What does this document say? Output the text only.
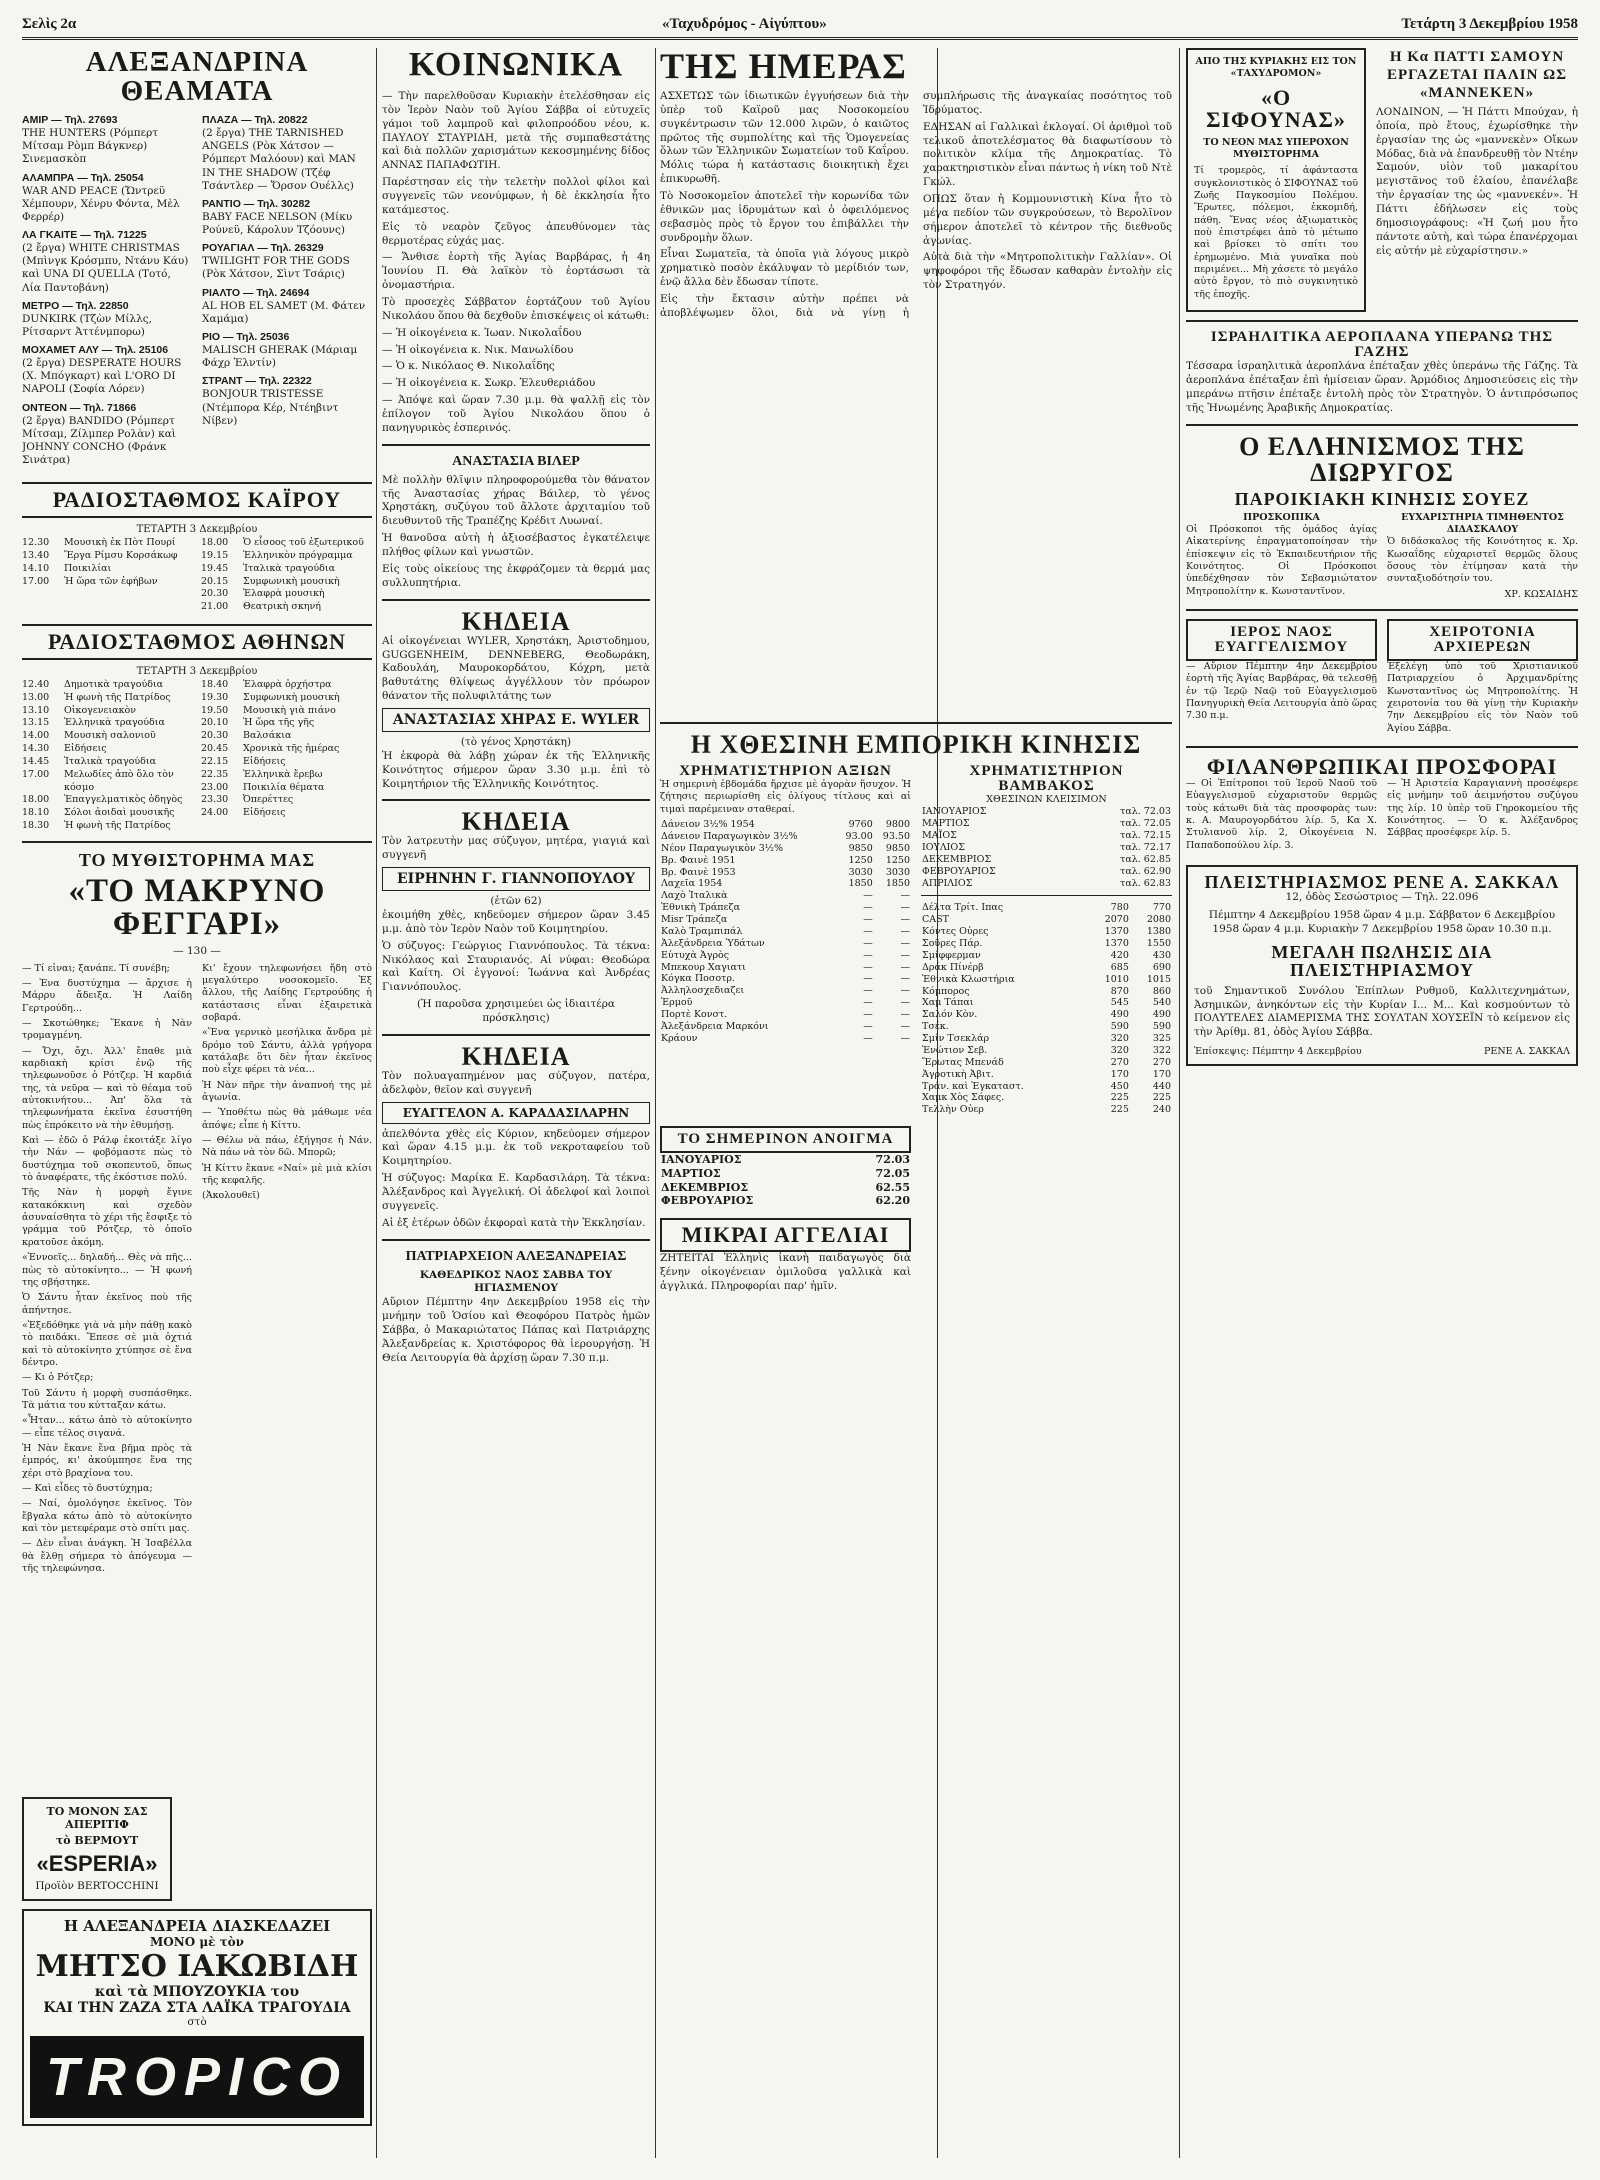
Σελὶς 2α	«Ταχυδρόμος - Αἰγύπτου»	Τετάρτη 3 Δεκεμβρίου 1958
ΑΛΕΞΑΝΔΡΙΝΑ ΘΕΑΜΑΤΑ
ΑΜΙΡ — Τηλ. 27693
THE HUNTERS (Ρόμπερτ Μίτσαμ Ρὸμπ Βάγκνερ) Σινεμασκὸπ
ΑΛΑΜΠΡΑ — Τηλ. 25054
WAR AND PEACE (Ὤντρεϋ Χέμπουρν, Χένρυ Φόντα, Μὲλ Φερρέρ)
ΛΑ ΓΚΑΙΤΕ — Τηλ. 71225
(2 ἔργα) WHITE CHRISTMAS (Μπὶνγκ Κρόσμπυ, Ντάνυ Κάυ) καὶ UNA DI QUELLA (Τοτό, Λία Παντοβάνη)
ΜΕΤΡΟ — Τηλ. 22850
DUNKIRK (Τζὼν Μίλλς, Ρίτσαρντ Ἀττένμπορω)
ΜΟΧΑΜΕΤ ΑΛΥ — Τηλ. 25106
(2 ἔργα) DESPERATE HOURS (Χ. Μπόγκαρτ) καὶ L'ORO DI NAPOLI (Σοφία Λόρεν)
ΟΝΤΕΟΝ — Τηλ. 71866
(2 ἔργα) BANDIDO (Ρόμπερτ Μίτσαμ, Ζίλμπερ Ρολὰν) καὶ JOHNNY CONCHO (Φράνκ Σινάτρα)
ΠΛΑΖΑ — Τηλ. 20822
(2 ἔργα) THE TARNISHED ANGELS (Ρὸκ Χάτσον — Ρόμπερτ Μαλόουν) καὶ MAN IN THE SHADOW (Τζέφ Τσάντλερ — Ὄρσον Ουέλλς)
ΡΑΝΤΙΟ — Τηλ. 30282
BABY FACE NELSON (Μίκυ Ρούνεϋ, Κάρολυν Τζόουνς)
ΡΟΥΑΓΙΑΛ — Τηλ. 26329
TWILIGHT FOR THE GODS (Ρὸκ Χάτσον, Σὶντ Τσάρις)
ΡΙΑΛΤΟ — Τηλ. 24694
AL HOB EL SAMET (Μ. Φάτεν Χαμάμα)
ΡΙΟ — Τηλ. 25036
MALISCH GHERAK (Μάριαμ Φάχρ Ἐλντίν)
ΣΤΡΑΝΤ — Τηλ. 22322
BONJOUR TRISTESSE (Ντέμπορα Κέρ, Ντέηβιντ Νίβεν)
ΡΑΔΙΟΣΤΑΘΜΟΣ ΚΑΪΡΟΥ
ΤΕΤΑΡΤΗ 3 Δεκεμβρίου
12.30	Μουσικὴ ἐκ Πὸτ Πουρί
13.40	Ἔργα Ρίμσυ Κορσάκωφ
14.10	Ποικιλίαι
17.00	Ἡ ὥρα τῶν ἐφήβων
18.00	Ὁ εἶσοος τοῦ ἐξωτερικοῦ
19.15	Ἑλληνικὸν πρόγραμμα
19.45	Ἰταλικὰ τραγούδια
20.15	Συμφωνικὴ μουσικὴ
20.30	Ἑλαφρὰ μουσικὴ
21.00	Θεατρικὴ σκηνή
ΡΑΔΙΟΣΤΑΘΜΟΣ ΑΘΗΝΩΝ
ΤΕΤΑΡΤΗ 3 Δεκεμβρίου
12.40	Δημοτικὰ τραγούδια
13.00	Ἡ φωνὴ τῆς Πατρίδος
13.10	Οἰκογενειακὸν
13.15	Ἑλληνικὰ τραγούδια
14.00	Μουσικὴ σαλονιοῦ
14.30	Εἰδήσεις
14.45	Ἰταλικὰ τραγούδια
17.00	Μελωδίες ἀπὸ ὅλο τὸν κόσμο
18.00	Ἐπαγγελματικὸς ὁδηγὸς
18.10	Σόλοι ἀοιδαὶ μουσικῆς
18.30	Ἡ φωνὴ τῆς Πατρίδος
18.40	Ἑλαφρὰ ὀρχήστρα
19.30	Συμφωνικὴ μουσικὴ
19.50	Μουσικὴ γιὰ πιάνο
20.10	Ἡ ὥρα τῆς γῆς
20.30	Βαλσάκια
20.45	Χρονικὰ τῆς ἡμέρας
22.15	Εἰδήσεις
22.35	Ἑλληνικὰ ἔρεβω
23.00	Ποικιλία θέματα
23.30	Ὀπερέττες
24.00	Εἰδήσεις
ΤΟ ΜΥΘΙΣΤΟΡΗΜΑ ΜΑΣ
«ΤΟ ΜΑΚΡΥΝΟ ΦΕΓΓΑΡΙ»
— 130 —

— Τί εἶναι; ξανάπε. Τί συνέβη;

— Ἐνα δυστύχημα — ἄρχισε ἡ Μάρρυ ἄδειξα. Ἡ Λαίδη Γερτρούδη...

— Σκοτώθηκε; Ἕκανε ἡ Νὰν τρομαγμένη.

— Ὄχι, ὄχι. Ἀλλ' ἔπαθε μιὰ καρδιακὴ κρίσι ἐνῷ τῆς τηλεφωνοῦσε ὁ Ρότζερ. Ἡ καρδιά της, τὰ νεῦρα — καὶ τὸ θέαμα τοῦ αὐτοκινήτου... Ἀπ' ὅλα τὰ τηλεφωνήματα ἐκεῖνα ἐσυστήθη πὼς ἐπρόκειτο νὰ τὴν ἐθυμήσῃ.

Καὶ — ἐδῶ ὁ Ράλφ ἐκοιτάξε λίγο τὴν Νάν — φοβόμαστε πὼς τὸ δυστύχημα τοῦ σκοπευτοῦ, ὅπως τὸ ἀναφέρατε, τῆς ἐκόστισε πολύ.

Τῆς Νὰν ἡ μορφὴ ἔγινε κατακόκκινη καὶ σχεδὸν ἀσυναίσθητα τὸ χέρι τῆς ἔσφιξε τὸ γράμμα τοῦ Ρότζερ, τὸ ὁποῖο κρατοῦσε ἀκόμη.

«Ἐννοεῖς... δηλαδή... Θὲς νὰ πῆς... πὼς τὸ αὐτοκίνητο... — Ἡ φωνή της σβήστηκε.

Ὁ Σάντυ ἦταν ἐκεῖνος ποὺ τῆς ἀπήντησε.

«Ἐξεδόθηκε γιὰ νὰ μὴν πάθῃ κακὸ τὸ παιδάκι. Ἔπεσε σὲ μιὰ ὀχτιά καὶ τὸ αὐτοκίνητο χτύπησε σὲ ἕνα δέντρο.

— Κι ὁ Ρότζερ;

Τοῦ Σάντυ ἡ μορφὴ συσπάσθηκε. Τὰ μάτια του κύτταξαν κάτω.

«Ἦταν... κάτω ἀπὸ τὸ αὐτοκίνητο — εἶπε τέλος σιγανά.

Ἡ Νὰν ἔκανε ἕνα βῆμα πρὸς τὰ ἐμπρός, κι' ἀκούμπησε ἕνα της χέρι στὸ βραχίονα του.

— Καὶ εἶδες τὸ δυστύχημα;

— Ναί, ὁμολόγησε ἐκεῖνος. Τὸν ἔβγαλα κάτω ἀπὸ τὸ αὐτοκίνητο καὶ τὸν μετεφέραμε στὸ σπίτι μας.

— Δὲν εἶναι ἀνάγκη. Ἡ Ἰσαβέλλα θὰ ἔλθῃ σήμερα τὸ ἀπόγευμα — τῆς τηλεφώνησα.

Κι' ἔχουν τηλεφωνήσει ἤδη στὸ μεγαλύτερο νοσοκομεῖο. Ἐξ ἄλλου, τῆς Λαίδης Γερτρούδης ἡ κατάστασις εἶναι ἐξαιρετικὰ σοβαρά.

«Ἕνα γερνικὸ μεσήλικα ἄνδρα μὲ δρόμο τοῦ Σάντυ, ἀλλὰ γρήγορα κατάλαβε ὅτι δὲν ἦταν ἐκεῖνος ποὺ εἶχε φέρει τὰ νέα...

Ἡ Νὰν πῆρε τὴν ἀναπνοή της μὲ ἀγωνία.

— Ὑποθέτω πὼς θὰ μάθωμε νέα ἀπόψε; εἶπε ἡ Κίττυ.

— Θέλω νὰ πάω, ἐξήγησε ἡ Νάν. Νὰ πάω νὰ τὸν δῶ. Μπορῶ;

Ἡ Κίττυ ἔκανε «Ναί» μὲ μιὰ κλίσι τῆς κεφαλῆς.

(Ἀκολουθεῖ)

ΤΟ ΜΟΝΟΝ ΣΑΣ ΑΠΕΡΙΤΙΦ
τὸ ΒΕΡΜΟΥΤ
«ESPERIA»
Προϊὸν BERTOCCHINI
Η ΑΛΕΞΑΝΔΡΕΙΑ ΔΙΑΣΚΕΔΑΖΕΙ
ΜΟΝΟ μὲ τὸν
ΜΗΤΣΟ ΙΑΚΩΒΙΔΗ
καὶ τὰ ΜΠΟΥΖΟΥΚΙΑ του
ΚΑΙ ΤΗΝ ΖΑΖΑ ΣΤΑ ΛΑΪΚΑ ΤΡΑΓΟΥΔΙΑ
στὸ
TROPICO
ΚΟΙΝΩΝΙΚΑ

— Τὴν παρελθοῦσαν Κυριακὴν ἐτελέσθησαν εἰς τὸν Ἱερὸν Ναὸν τοῦ Ἁγίου Σάββα οἱ εὐτυχεῖς γάμοι τοῦ λαμπροῦ καὶ φιλοπροόδου νέου, κ. ΠΑΥΛΟΥ ΣΤΑΥΡΙΔΗ, μετὰ τῆς συμπαθεστάτης καὶ διὰ πολλῶν χαρισμάτων κεκοσμημένης δίδος ΑΝΝΑΣ ΠΑΠΑΦΩΤΙΗ.

Παρέστησαν εἰς τὴν τελετὴν πολλοὶ φίλοι καὶ συγγενεῖς τῶν νεονύμφων, ἡ δὲ ἐκκλησία ἦτο κατάμεστος.

Εἰς τὸ νεαρὸν ζεῦγος ἀπευθύνομεν τὰς θερμοτέρας εὐχάς μας.

— Ἄνθισε ἑορτὴ τῆς Ἁγίας Βαρβάρας, ἡ 4η Ἰουνίου Π. Θὰ λαϊκὸν τὸ ἐορτάσωσι τὰ ὀνομαστήρια.

Τὸ προσεχὲς Σάββατον ἑορτάζουν τοῦ Ἁγίου Νικολάου ὅπου θὰ δεχθοῦν ἐπισκέψεις οἱ κάτωθι:

— Ἡ οἰκογένεια κ. Ἰωαν. Νικολαΐδου

— Ἡ οἰκογένεια κ. Νικ. Μανωλίδου

— Ὁ κ. Νικόλαος Θ. Νικολαΐδης

— Ἡ οἰκογένεια κ. Σωκρ. Ἐλευθεριάδου

— Ἀπόψε καὶ ὥραν 7.30 μ.μ. θὰ ψαλλῇ εἰς τὸν ἐπίλογον τοῦ Ἁγίου Νικολάου ὅπου ὁ πανηγυρικὸς ἐσπερινός.

ΑΝΑΣΤΑΣΙΑ ΒΙΛΕΡ

Μὲ πολλὴν θλῖψιν πληροφορούμεθα τὸν θάνατον τῆς Ἀναστασίας χήρας Βάιλερ, τὸ γένος Χρηστάκη, συζύγου τοῦ ἄλλοτε ἀρχιταμίου τοῦ διευθυντοῦ τῆς Τραπέζης Κρέδιτ Λυωναί.

Ἡ θανοῦσα αὐτὴ ἡ ἀξιοσέβαστος ἐγκατέλειψε πλήθος φίλων καὶ γνωστῶν.

Εἰς τοὺς οἰκείους της ἐκφράζομεν τὰ θερμά μας συλλυπητήρια.

ΚΗΔΕΙΑ
Αἱ οἰκογένειαι WYLER, Χρηστάκη, Ἀριστοδημου, GUGGENHEIM, DENNEBERG, Θεοδωράκη, Καδουλάη, Μαυροκορδάτου, Κόχρη, μετὰ βαθυτάτης θλίψεως ἀγγέλλουν τὸν πρόωρον θάνατον τῆς πολυφιλτάτης των
ΑΝΑΣΤΑΣΙΑΣ ΧΗΡΑΣ Ε. WYLER
(τὸ γένος Χρηστάκη)
Ἡ ἐκφορὰ θὰ λάβῃ χώραν ἐκ τῆς Ἑλληνικῆς Κοινότητος σήμερον ὥραν 3.30 μ.μ. ἐπὶ τὸ Κοιμητήριον τῆς Ἑλληνικῆς Κοινότητος.
ΚΗΔΕΙΑ
Τὸν λατρευτὴν μας σύζυγον, μητέρα, γιαγιά καὶ συγγενῆ
ΕΙΡΗΝΗΝ Γ. ΓΙΑΝΝΟΠΟΥΛΟΥ
(ἐτῶν 62)
ἐκοιμήθη χθὲς, κηδεύομεν σήμερον ὥραν 3.45 μ.μ. ἀπὸ τὸν Ἱερὸν Ναὸν τοῦ Κοιμητηρίου.
Ὁ σύζυγος: Γεώργιος Γιαννόπουλος. Τὰ τέκνα: Νικόλαος καὶ Σταυριανός. Αἱ νύφαι: Θεοδώρα καὶ Καίτη. Οἱ ἐγγονοί: Ἰωάννα καὶ Ἀνδρέας Γιαννόπουλος.
(Ἡ παροῦσα χρησιμεύει ὡς ἰδιαιτέρα πρόσκλησις)
ΚΗΔΕΙΑ
Τὸν πολυαγαπημένον μας σύζυγον, πατέρα, ἀδελφὸν, θεῖον καὶ συγγενῆ
ΕΥΑΓΓΕΛΟΝ Α. ΚΑΡΑΔΑΣΙΛΑΡΗΝ
ἀπελθόντα χθὲς εἰς Κύριον, κηδεύομεν σήμερον καὶ ὥραν 4.15 μ.μ. ἐκ τοῦ νεκροταφείου τοῦ Κοιμητηρίου.
Ἡ σύζυγος: Μαρίκα Ε. Καρδασιλάρη. Τὰ τέκνα: Ἀλέξανδρος καὶ Ἀγγελική. Οἱ ἀδελφοί καὶ λοιποὶ συγγενεῖς.
Αἱ ἐξ ἑτέρων ὁδῶν ἐκφοραὶ κατὰ τὴν Ἐκκλησίαν.
ΠΑΤΡΙΑΡΧΕΙΟΝ ΑΛΕΞΑΝΔΡΕΙΑΣ
ΚΑΘΕΔΡΙΚΟΣ ΝΑΟΣ ΣΑΒΒΑ ΤΟΥ ΗΓΙΑΣΜΕΝΟΥ
Αὔριον Πέμπτην 4ην Δεκεμβρίου 1958 εἰς τὴν μνήμην τοῦ Ὁσίου καὶ Θεοφόρου Πατρὸς ἡμῶν Σάββα, ὁ Μακαριώτατος Πάπας καὶ Πατριάρχης Ἀλεξανδρείας κ. Χριστόφορος θὰ ἱερουργήσῃ. Ἡ Θεία Λειτουργία θὰ ἀρχίσῃ ὥραν 7.30 π.μ.
ΤΗΣ ΗΜΕΡΑΣ

ΑΣΧΕΤΩΣ τῶν ἰδιωτικῶν ἐγγυήσεων διὰ τὴν ὑπὲρ τοῦ Καϊροῦ μας Νοσοκομείου συγκέντρωσιν τῶν 12.000 λιρῶν, ὁ καιῶτος πρῶτος τῆς συμπολίτης καὶ τῆς Ὁμογενείας ὅλων τῶν Ἑλληνικῶν Σωματείων τοῦ Καΐρου. Μόλις τώρα ἡ κατάστασις διοικητικὴ ἔχει ἐπικυρωθῆ.

Τὸ Νοσοκομεῖον ἀποτελεῖ τὴν κορωνίδα τῶν ἐθνικῶν μας ἱδρυμάτων καὶ ὁ ὀφειλόμενος σεβασμὸς πρὸς τὸ ἔργον του ἐπιβάλλει τὴν συνδρομὴν ὅλων.

Εἶναι Σωματεῖα, τὰ ὁποῖα γιὰ λόγους μικρὸ χρηματικὸ ποσὸν ἐκάλυψαν τὸ μερίδιόν των, ἐνῷ ἄλλα δὲν ἔδωσαν τίποτε.

Εἰς τὴν ἔκτασιν αὐτὴν πρέπει νὰ ἀποβλέψωμεν ὅλοι, διὰ νὰ γίνῃ ἡ συμπλήρωσις τῆς ἀναγκαίας ποσότητος τοῦ Ἱδρύματος.

ΕΔΗΣΑΝ αἱ Γαλλικαὶ ἐκλογαί. Οἱ ἀριθμοὶ τοῦ τελικοῦ ἀποτελέσματος θὰ διαφωτίσουν τὸ πολιτικὸν κλίμα τῆς Δημοκρατίας. Τὸ χαρακτηριστικὸν εἶναι πάντως ἡ νίκη τοῦ Ντὲ Γκώλ.

ΟΠΩΣ ὅταν ἡ Κομμουνιστικὴ Κίνα ἦτο τὸ μέγα πεδίον τῶν συγκρούσεων, τὸ Βερολῖνον σήμερον ἀποτελεῖ τὸ κέντρον τῆς διεθνοῦς ἀγωνίας.

Αὐτὰ διὰ τὴν «Μητροπολιτικὴν Γαλλίαν». Οἱ ψηφοφόροι τῆς ἔδωσαν καθαρὰν ἐντολὴν εἰς τὸν Στρατηγόν.

Η ΧΘΕΣΙΝΗ ΕΜΠΟΡΙΚΗ ΚΙΝΗΣΙΣ
ΧΡΗΜΑΤΙΣΤΗΡΙΟΝ ΑΞΙΩΝ
Ἡ σημερινὴ ἐβδομάδα ἤρχισε μὲ ἀγορὰν ἥσυχον. Ἡ ζήτησις περιωρίσθη εἰς ὀλίγους τίτλους καὶ αἱ τιμαὶ παρέμειναν σταθεραί.
Δάνειον 3½% 1954	9760	9800
Δάνειον Παραγωγικὸν 3½%	93.00	93.50
Νέον Παραγωγικὸν 3½%	9850	9850
Βρ. Φαινὲ 1951	1250	1250
Βρ. Φαινὲ 1953	3030	3030
Λαχεῖα 1954	1850	1850
Λαχὸ Ἰταλικὰ	—	—
Ἐθνικὴ Τράπεζα	—	—
Misr Τράπεζα	—	—
Καλὸ Τραμπιπάλ	—	—
Ἀλεξάνδρεια Ὑδάτων	—	—
Εὐτυχὰ Ἀγρὸς	—	—
Μπεκουρ Χαγιατι	—	—
Κόγκα Ποσοτρ.	—	—
Ἀλληλοσχεδιαζει	—	—
Ἐρμοῦ	—	—
Πορτὲ Κονστ.	—	—
Ἀλεξάνδρεια Μαρκόνι	—	—
Κράουν	—	—
ΧΡΗΜΑΤΙΣΤΗΡΙΟΝ ΒΑΜΒΑΚΟΣ
ΧΘΕΣΙΝΩΝ ΚΛΕΙΣΙΜΟΝ
ΙΑΝΟΥΑΡΙΟΣ	ταλ. 72.03
ΜΑΡΤΙΟΣ	ταλ. 72.05
ΜΑΪΟΣ	ταλ. 72.15
ΙΟΥΛΙΟΣ	ταλ. 72.17
ΔΕΚΕΜΒΡΙΟΣ	ταλ. 62.85
ΦΕΒΡΟΥΑΡΙΟΣ	ταλ. 62.90
ΑΠΡΙΛΙΟΣ	ταλ. 62.83
Δέλτα Τρίτ. Ιπας	780	770
CAST	2070	2080
Κόντες Οὐρες	1370	1380
Σοῦρες Πάρ.	1370	1550
Σμίφφερμαν	420	430
Δράκ Πίνέρβ	685	690
Ἐθνικὰ Κλωστήρια	1010	1015
Κόμπορος	870	860
Χαμ Τάπαι	545	540
Σαλόν Κὸν.	490	490
Τσέκ.	590	590
Σμίν Τσεκλάρ	320	325
Ἐνώτιον Σεβ.	320	322
Ἔρωτας Μπενάδ	270	270
Ἀγροτικὴ Ἀβιτ.	170	170
Τράν. καὶ Ἐγκαταστ.	450	440
Χαμκ Χὸς Σάφες.	225	225
Τελλὴν Οὐερ	225	240
ΤΟ ΣΗΜΕΡΙΝΟΝ ΑΝΟΙΓΜΑ
ΙΑΝΟΥΑΡΙΟΣ	72.03
ΜΑΡΤΙΟΣ	72.05
ΔΕΚΕΜΒΡΙΟΣ	62.55
ΦΕΒΡΟΥΑΡΙΟΣ	62.20
ΜΙΚΡΑΙ ΑΓΓΕΛΙΑΙ
ΖΗΤΕΙΤΑΙ Ἑλληνὶς ἱκανὴ παιδαγωγὸς διὰ ξένην οἰκογένειαν ὁμιλοῦσα γαλλικὰ καὶ ἀγγλικά. Πληροφορίαι παρ' ἡμῖν.
ΑΠΟ ΤΗΣ ΚΥΡΙΑΚΗΣ ΕΙΣ ΤΟΝ «ΤΑΧΥΔΡΟΜΟΝ»
«Ο ΣΙΦΟΥΝΑΣ»
ΤΟ ΝΕΟΝ ΜΑΣ ΥΠΕΡΟΧΟΝ ΜΥΘΙΣΤΟΡΗΜΑ
Τί τρομερὸς, τί ἀφάνταστα συγκλονιστικὸς ὁ ΣΙΦΟΥΝΑΣ τοῦ Ζωῆς Παγκοσμίου Πολέμου. Ἔρωτες, πόλεμοι, ἐκκομιδή, πάθη. Ἔνας νέος ἀξιωματικὸς ποὺ ἐπιστρέφει ἀπὸ τὸ μέτωπο καὶ βρίσκει τὸ σπίτι του ἐρημωμένο. Μιὰ γυναῖκα ποὺ περιμένει... Μὴ χάσετε τὸ μεγάλο αὐτὸ ἔργον, τὸ πιὸ συγκινητικὸ τῆς ἐποχῆς.
Η Κα ΠΑΤΤΙ ΣΑΜΟΥΝ ΕΡΓΑΖΕΤΑΙ ΠΑΛΙΝ ΩΣ «ΜΑΝΝΕΚΕΝ»
ΛΟΝΔΙΝΟΝ, — Ἡ Πάττι Μπούχαν, ἡ ὁποία, πρὸ ἔτους, ἐχωρίσθηκε τὴν ἐργασίαν της ὡς «μαννεκὲν» Οἴκων Μόδας, διὰ νὰ ἐπανδρευθῇ τὸν Ντέην Σαμούν, υἱὸν τοῦ μακαρίτου μεγιστᾶνος τοῦ ἐλαίου, ἐπανέλαβε τὴν ἐργασίαν της ὡς «μαννεκέν». Ἡ Πάττι ἐδήλωσεν εἰς τοὺς δημοσιογράφους: «Ἡ ζωή μου ἦτο πάντοτε αὐτὴ, καὶ τώρα ἐπανέρχομαι εἰς αὐτήν μὲ εὐχαρίστησιν.»
ΙΣΡΑΗΛΙΤΙΚΑ ΑΕΡΟΠΛΑΝΑ ΥΠΕΡΑΝΩ ΤΗΣ ΓΑΖΗΣ
Τέσσαρα ἰσραηλιτικὰ ἀεροπλάνα ἐπέταξαν χθὲς ὑπεράνω τῆς Γάζης. Τὰ ἀεροπλάνα ἐπέταξαν ἐπὶ ἡμίσειαν ὥραν. Ἀρμόδιος Δημοσιεύσεις εἰς τὴν μπεράνω πτῆσιν ἐπέταξε ἐντολὴ πρὸς τὸν Στρατηγὸν. Ὁ ἀντιπρόσωπος τῆς Ἡνωμένης Ἀραβικῆς Δημοκρατίας.
Ο ΕΛΛΗΝΙΣΜΟΣ ΤΗΣ ΔΙΩΡΥΓΟΣ
ΠΑΡΟΙΚΙΑΚΗ ΚΙΝΗΣΙΣ ΣΟΥΕΖ
ΠΡΟΣΚΟΠΙΚΑ
Οἱ Πρόσκοποι τῆς ὁμάδος ἁγίας Αἰκατερίνης ἐπραγματοποίησαν τὴν ἐπίσκεψιν εἰς τὸ Ἐκπαιδευτήριον τῆς Κοινότητος. Οἱ Πρόσκοποι ὑπεδέχθησαν τὸν Σεβασμιώτατον Μητροπολίτην κ. Κωνσταντῖνον.
ΕΥΧΑΡΙΣΤΗΡΙΑ ΤΙΜΗΘΕΝΤΟΣ ΔΙΔΑΣΚΑΛΟΥ
Ὁ διδάσκαλος τῆς Κοινότητος κ. Χρ. Κωσαΐδης εὐχαριστεῖ θερμῶς ὅλους ὅσους τὸν ἐτίμησαν κατὰ τὴν συνταξιοδότησίν του.
ΧΡ. ΚΩΣΑΙΔΗΣ
ΙΕΡΟΣ ΝΑΟΣ ΕΥΑΓΓΕΛΙΣΜΟΥ
— Αὔριον Πέμπτην 4ην Δεκεμβρίου ἑορτὴ τῆς Ἁγίας Βαρβάρας, θὰ τελεσθῇ ἐν τῷ Ἱερῷ Ναῷ τοῦ Εὐαγγελισμοῦ Πανηγυρικὴ Θεία Λειτουργία ἀπὸ ὥρας 7.30 π.μ.
ΧΕΙΡΟΤΟΝΙΑ ΑΡΧΙΕΡΕΩΝ
Ἐξελέγη ὑπὸ τοῦ Χριστιανικοῦ Πατριαρχείου ὁ Ἀρχιμανδρίτης Κωνσταντῖνος ὡς Μητροπολίτης. Ἡ χειροτονία του θὰ γίνῃ τὴν Κυριακὴν 7ην Δεκεμβρίου εἰς τὸν Ναὸν τοῦ Ἁγίου Σάββα.
ΦΙΛΑΝΘΡΩΠΙΚΑΙ ΠΡΟΣΦΟΡΑΙ
— Οἱ Ἐπίτροποι τοῦ Ἱεροῦ Ναοῦ τοῦ Εὐαγγελισμοῦ εὐχαριστοῦν θερμῶς τοὺς κάτωθι διὰ τὰς προσφορὰς των: κ. Α. Μαυρογορδάτου λίρ. 5, Κα Χ. Στυλιανοῦ λίρ. 2, Οἰκογένεια Ν. Παπαδοπούλου λίρ. 3.
— Ἡ Ἀριστεία Καραγιαννὴ προσέφερε εἰς μνήμην τοῦ ἀειμνήστου συζύγου της λίρ. 10 ὑπὲρ τοῦ Γηροκομείου τῆς Κοινότητος. — Ὁ κ. Ἀλέξανδρος Σάββας προσέφερε λίρ. 5.
ΠΛΕΙΣΤΗΡΙΑΣΜΟΣ ΡΕΝΕ Α. ΣΑΚΚΑΛ
12, ὁδὸς Σεσώστριος — Τηλ. 22.096
Πέμπτην 4 Δεκεμβρίου 1958 ὥραν 4 μ.μ. Σάββατον 6 Δεκεμβρίου 1958 ὥραν 4 μ.μ. Κυριακὴν 7 Δεκεμβρίου 1958 ὥραν 10.30 π.μ.
ΜΕΓΑΛΗ ΠΩΛΗΣΙΣ ΔΙΑ ΠΛΕΙΣΤΗΡΙΑΣΜΟΥ
τοῦ Σημαντικοῦ Συνόλου Ἐπίπλων Ρυθμοῦ, Καλλιτεχνημάτων, Ἀσημικῶν, ἀνηκόντων εἰς τὴν Κυρίαν Ι... Μ... Καὶ κοσμούντων τὸ ΠΟΛΥΤΕΛΕΣ ΔΙΑΜΕΡΙΣΜΑ ΤΗΣ ΣΟΥΛΤΑΝ ΧΟΥΣΕΪΝ τὸ κείμενον εἰς τὴν Ἀρίθμ. 81, ὁδὸς Ἀγίου Σάββα.
Ἐπίσκεψις: Πέμπτην 4 Δεκεμβρίου	ΡΕΝΕ Α. ΣΑΚΚΑΛ
